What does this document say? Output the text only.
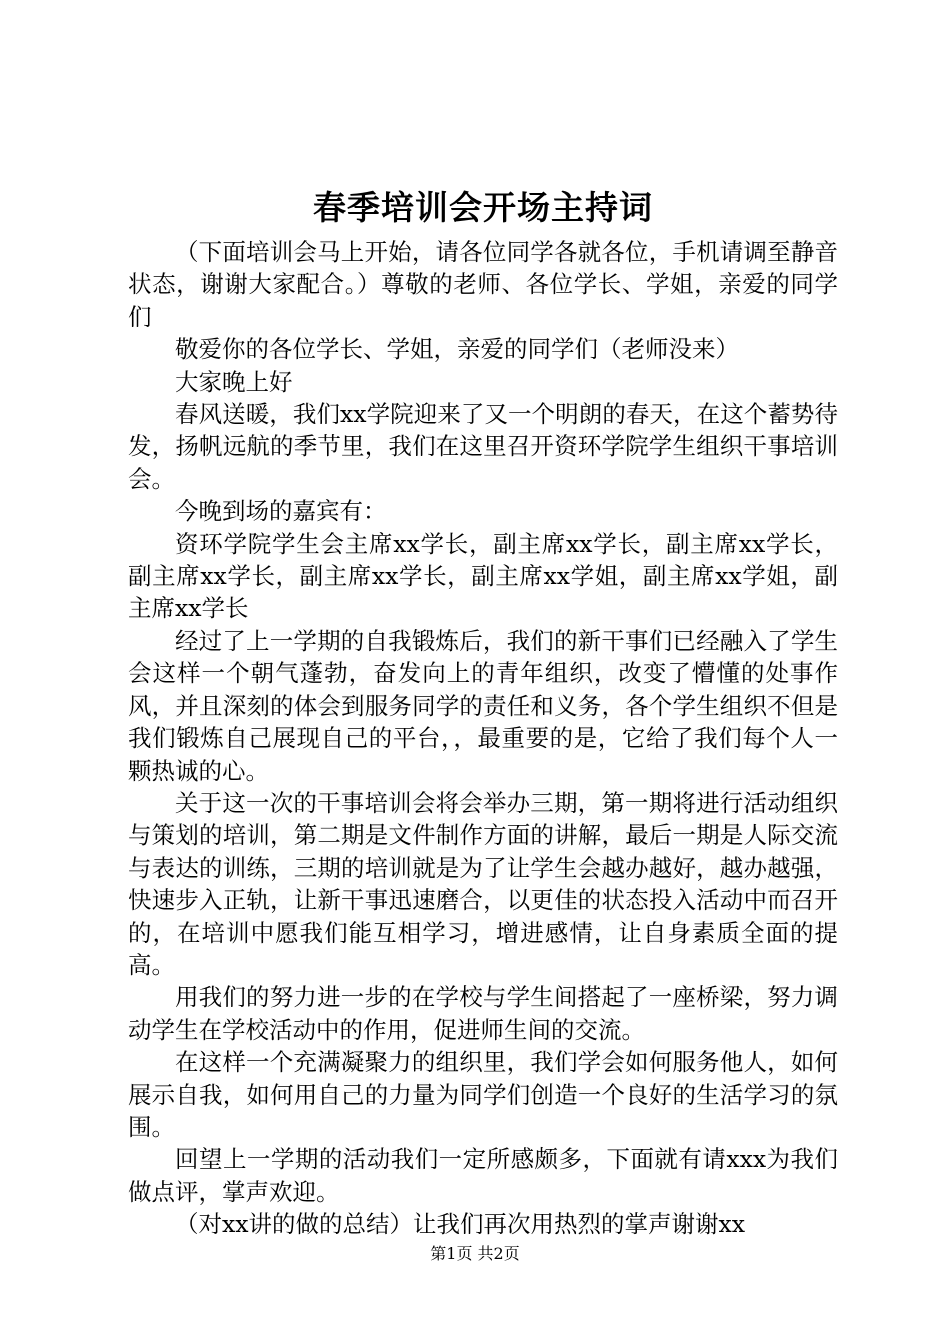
春季培训会开场主持词

（下面培训会马上开始，请各位同学各就各位，手机请调至静音状态，谢谢大家配合。）尊敬的老师、各位学长、学姐，亲爱的同学们

敬爱你的各位学长、学姐，亲爱的同学们（老师没来）

大家晚上好

春风送暖，我们xx学院迎来了又一个明朗的春天，在这个蓄势待发，扬帆远航的季节里，我们在这里召开资环学院学生组织干事培训会。

今晚到场的嘉宾有：

资环学院学生会主席xx学长，副主席xx学长，副主席xx学长，副主席xx学长，副主席xx学长，副主席xx学姐，副主席xx学姐，副主席xx学长

经过了上一学期的自我锻炼后，我们的新干事们已经融入了学生会这样一个朝气蓬勃，奋发向上的青年组织，改变了懵懂的处事作风，并且深刻的体会到服务同学的责任和义务，各个学生组织不但是我们锻炼自己展现自己的平台，，最重要的是，它给了我们每个人一颗热诚的心。

关于这一次的干事培训会将会举办三期，第一期将进行活动组织与策划的培训，第二期是文件制作方面的讲解，最后一期是人际交流与表达的训练，三期的培训就是为了让学生会越办越好，越办越强，快速步入正轨，让新干事迅速磨合，以更佳的状态投入活动中而召开的，在培训中愿我们能互相学习，增进感情，让自身素质全面的提高。

用我们的努力进一步的在学校与学生间搭起了一座桥梁，努力调动学生在学校活动中的作用，促进师生间的交流。

在这样一个充满凝聚力的组织里，我们学会如何服务他人，如何展示自我，如何用自己的力量为同学们创造一个良好的生活学习的氛围。

回望上一学期的活动我们一定所感颇多，下面就有请xxx为我们做点评，掌声欢迎。

（对xx讲的做的总结）让我们再次用热烈的掌声谢谢xx

第1页 共2页
